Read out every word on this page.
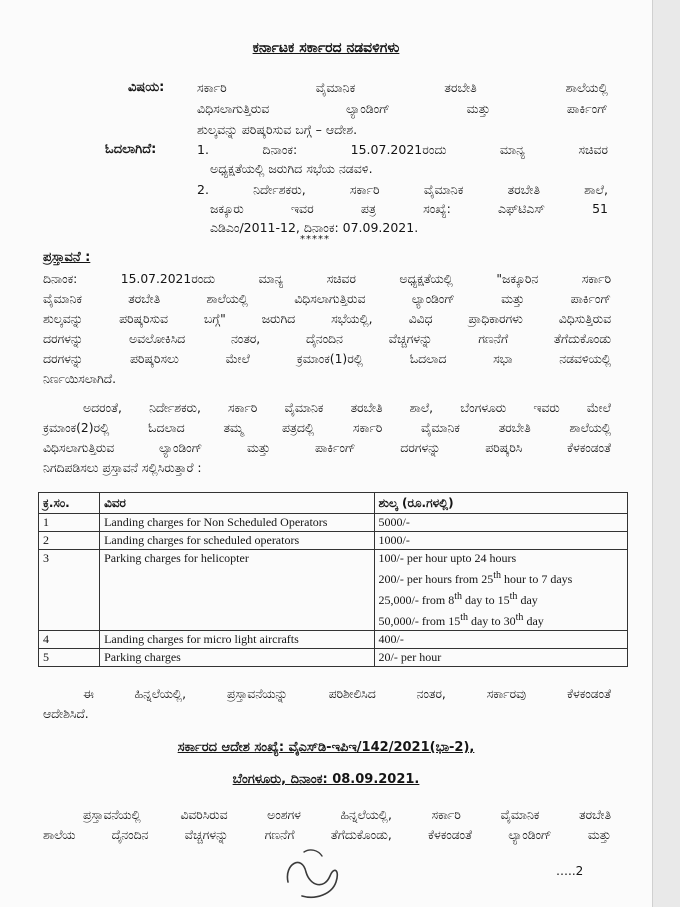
ಕರ್ನಾಟಕ ಸರ್ಕಾರದ ನಡವಳಿಗಳು
ವಿಷಯ:	ಸರ್ಕಾರಿ ವೈಮಾನಿಕ ತರಬೇತಿ ಶಾಲೆಯಲ್ಲಿ
ವಿಧಿಸಲಾಗುತ್ತಿರುವ ಲ್ಯಾಂಡಿಂಗ್ ಮತ್ತು ಪಾರ್ಕಿಂಗ್
ಶುಲ್ಕವನ್ನು ಪರಿಷ್ಕರಿಸುವ ಬಗ್ಗೆ – ಆದೇಶ.
ಓದಲಾಗಿದೆ:	1. ದಿನಾಂಕ: 15.07.2021ರಂದು ಮಾನ್ಯ ಸಚಿವರ
ಅಧ್ಯಕ್ಷತೆಯಲ್ಲಿ ಜರುಗಿದ ಸಭೆಯ ನಡವಳಿ.
2. ನಿರ್ದೇಶಕರು, ಸರ್ಕಾರಿ ವೈಮಾನಿಕ ತರಬೇತಿ ಶಾಲೆ,
ಜಕ್ಕೂರು ಇವರ ಪತ್ರ ಸಂಖ್ಯೆ: ಎಫ್‌ಟಿಎಸ್ 51
ಎಡಿಎಂ/2011-12, ದಿನಾಂಕ: 07.09.2021.
*****
ಪ್ರಸ್ತಾವನೆ :

ದಿನಾಂಕ: 15.07.2021ರಂದು ಮಾನ್ಯ ಸಚಿವರ ಅಧ್ಯಕ್ಷತೆಯಲ್ಲಿ "ಜಕ್ಕೂರಿನ ಸರ್ಕಾರಿ

ವೈಮಾನಿಕ ತರಬೇತಿ ಶಾಲೆಯಲ್ಲಿ ವಿಧಿಸಲಾಗುತ್ತಿರುವ ಲ್ಯಾಂಡಿಂಗ್ ಮತ್ತು ಪಾರ್ಕಿಂಗ್

ಶುಲ್ಕವನ್ನು ಪರಿಷ್ಕರಿಸುವ ಬಗ್ಗೆ" ಜರುಗಿದ ಸಭೆಯಲ್ಲಿ, ವಿವಿಧ ಪ್ರಾಧಿಕಾರಗಳು ವಿಧಿಸುತ್ತಿರುವ

ದರಗಳನ್ನು ಅವಲೋಕಿಸಿದ ನಂತರ, ದೈನಂದಿನ ವೆಚ್ಚಗಳನ್ನು ಗಣನೆಗೆ ತೆಗೆದುಕೊಂಡು

ದರಗಳನ್ನು ಪರಿಷ್ಕರಿಸಲು ಮೇಲೆ ಕ್ರಮಾಂಕ(1)ರಲ್ಲಿ ಓದಲಾದ ಸಭಾ ನಡವಳಿಯಲ್ಲಿ

ನಿರ್ಣಯಿಸಲಾಗಿದೆ.

ಅದರಂತೆ, ನಿರ್ದೇಶಕರು, ಸರ್ಕಾರಿ ವೈಮಾನಿಕ ತರಬೇತಿ ಶಾಲೆ, ಬೆಂಗಳೂರು ಇವರು ಮೇಲೆ

ಕ್ರಮಾಂಕ(2)ರಲ್ಲಿ ಓದಲಾದ ತಮ್ಮ ಪತ್ರದಲ್ಲಿ ಸರ್ಕಾರಿ ವೈಮಾನಿಕ ತರಬೇತಿ ಶಾಲೆಯಲ್ಲಿ

ವಿಧಿಸಲಾಗುತ್ತಿರುವ ಲ್ಯಾಂಡಿಂಗ್ ಮತ್ತು ಪಾರ್ಕಿಂಗ್ ದರಗಳನ್ನು ಪರಿಷ್ಕರಿಸಿ ಕೆಳಕಂಡಂತೆ

ನಿಗದಿಪಡಿಸಲು ಪ್ರಸ್ತಾವನೆ ಸಲ್ಲಿಸಿರುತ್ತಾರೆ :

ಕ್ರ.ಸಂ.	ವಿವರ	ಶುಲ್ಕ (ರೂ.ಗಳಲ್ಲಿ)
1	Landing charges for Non Scheduled Operators	5000/-
2	Landing charges for scheduled operators	1000/-
3	Parking charges for helicopter	100/- per hour upto 24 hours
200/- per hours from 25th hour to 7 days
25,000/- from 8th day to 15th day
50,000/- from 15th day to 30th day

4	Landing charges for micro light aircrafts	400/-
5	Parking charges	20/- per hour

ಈ ಹಿನ್ನಲೆಯಲ್ಲಿ, ಪ್ರಸ್ತಾವನೆಯನ್ನು ಪರಿಶೀಲಿಸಿದ ನಂತರ, ಸರ್ಕಾರವು ಕೆಳಕಂಡಂತೆ

ಆದೇಶಿಸಿದೆ.

ಸರ್ಕಾರದ ಆದೇಶ ಸಂಖ್ಯೆ: ವೈಎಸ್‌ಡಿ-ಇಪಿಇ/142/2021(ಭಾ-2),
ಬೆಂಗಳೂರು, ದಿನಾಂಕ: 08.09.2021.

ಪ್ರಸ್ತಾವನೆಯಲ್ಲಿ ವಿವರಿಸಿರುವ ಅಂಶಗಳ ಹಿನ್ನಲೆಯಲ್ಲಿ, ಸರ್ಕಾರಿ ವೈಮಾನಿಕ ತರಬೇತಿ

ಶಾಲೆಯ ದೈನಂದಿನ ವೆಚ್ಚಗಳನ್ನು ಗಣನೆಗೆ ತೆಗೆದುಕೊಂಡು, ಕೆಳಕಂಡಂತೆ ಲ್ಯಾಂಡಿಂಗ್ ಮತ್ತು

…..2
